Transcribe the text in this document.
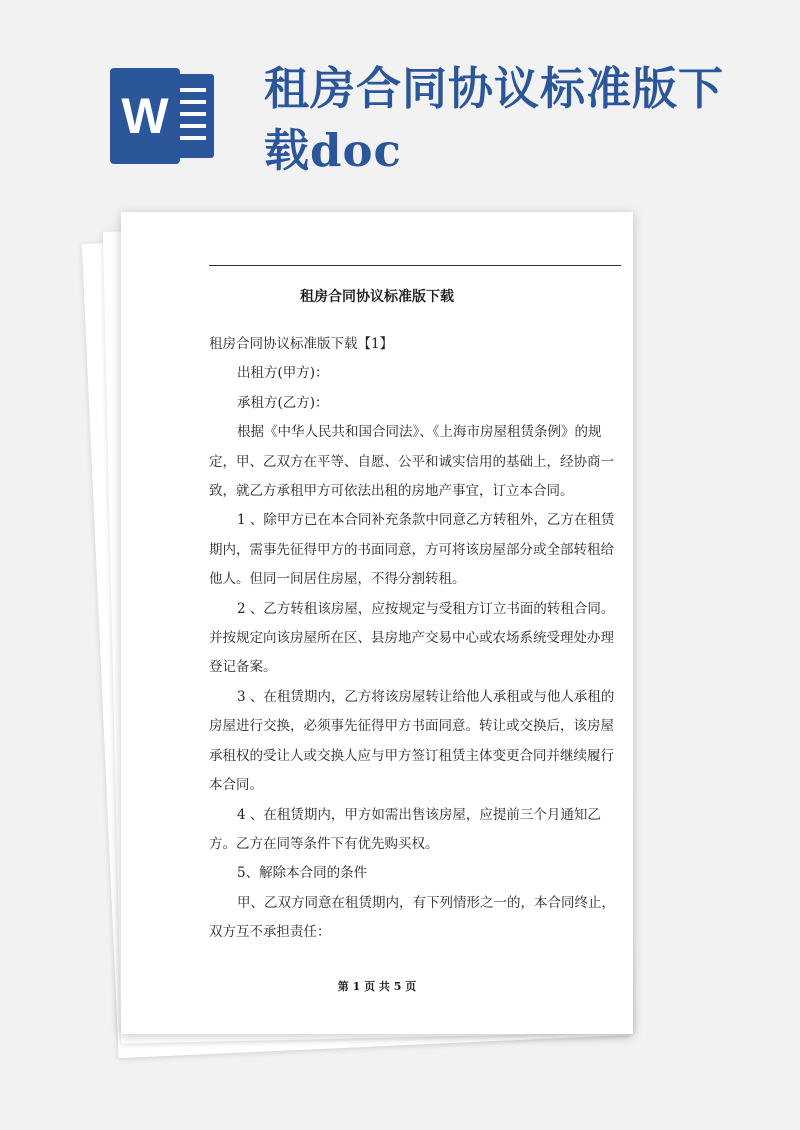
W 租房合同协议标准版下载doc
租房合同协议标准版下载

租房合同协议标准版下载【1】

出租方(甲方)：

承租方(乙方)：

根据《中华人民共和国合同法》、《上海市房屋租赁条例》的规定，甲、乙双方在平等、自愿、公平和诚实信用的基础上，经协商一致，就乙方承租甲方可依法出租的房地产事宜，订立本合同。

1 、除甲方已在本合同补充条款中同意乙方转租外，乙方在租赁期内，需事先征得甲方的书面同意，方可将该房屋部分或全部转租给他人。但同一间居住房屋，不得分割转租。

2 、乙方转租该房屋，应按规定与受租方订立书面的转租合同。并按规定向该房屋所在区、县房地产交易中心或农场系统受理处办理登记备案。

3 、在租赁期内，乙方将该房屋转让给他人承租或与他人承租的房屋进行交换，必须事先征得甲方书面同意。转让或交换后，该房屋承租权的受让人或交换人应与甲方签订租赁主体变更合同并继续履行本合同。

4 、在租赁期内，甲方如需出售该房屋，应提前三个月通知乙方。乙方在同等条件下有优先购买权。

5、解除本合同的条件

甲、乙双方同意在租赁期内，有下列情形之一的，本合同终止，双方互不承担责任：

第 1 页 共 5 页
